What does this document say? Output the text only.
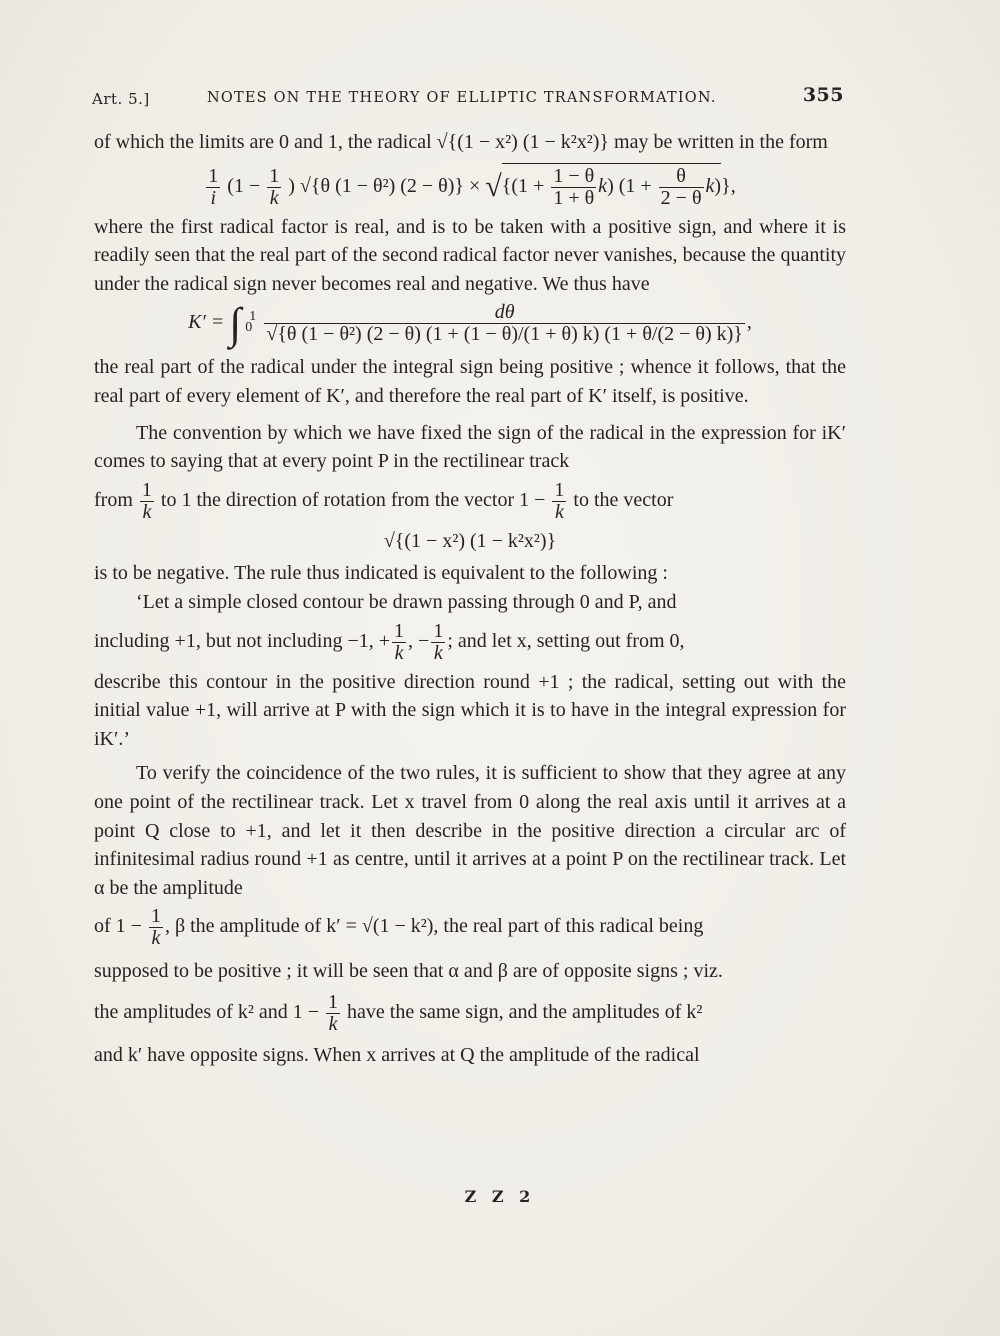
Art. 5.]	NOTES ON THE THEORY OF ELLIPTIC TRANSFORMATION.	355

of which the limits are 0 and 1, the radical √{(1 − x²) (1 − k²x²)} may be written in the form

$\frac{1}{i} (1 - \frac{1}{k}$ ) √{θ (1 − θ²) $(2 - \theta)\} \times √\{(1 + \frac{1 - \theta}{1 + \theta} k)$ $(1 + \frac{\theta}{2 - \theta} k)$},

where the first radical factor is real, and is to be taken with a positive sign, and where it is readily seen that the real part of the second radical factor never vanishes, because the quantity under the radical sign never becomes real and negative. We thus have

K′ = ∫ 1
0

dθ
√{θ (1 − θ²) (2 − θ) (1 + (1 − θ)/(1 + θ) k) (1 + θ/(2 − θ) k)}
,

the real part of the radical under the integral sign being positive ; whence it follows, that the real part of every element of K′, and therefore the real part of K′ itself, is positive.

The convention by which we have fixed the sign of the radical in the expression for iK′ comes to saying that at every point P in the rectilinear track

from $\frac{1}{k}$ to 1 the direction of rotation from the vector $1 - \frac{1}{k}$ to the vector

√{(1 − x²) (1 − k²x²)}

is to be negative. The rule thus indicated is equivalent to the following :

‘Let a simple closed contour be drawn passing through 0 and P, and

including +1, but not including −1, + $\frac{1}{k}$ , − $\frac{1}{k}$ ; and let x, setting out from 0,

describe this contour in the positive direction round +1 ; the radical, setting out with the initial value +1, will arrive at P with the sign which it is to have in the integral expression for iK′.’

To verify the coincidence of the two rules, it is sufficient to show that they agree at any one point of the rectilinear track. Let x travel from 0 along the real axis until it arrives at a point Q close to +1, and let it then describe in the positive direction a circular arc of infinitesimal radius round +1 as centre, until it arrives at a point P on the rectilinear track. Let α be the amplitude

of $1 - \frac{1}{k}$ , β the amplitude of k′ = √(1 − k²), the real part of this radical being

supposed to be positive ; it will be seen that α and β are of opposite signs ; viz.

the amplitudes of k² and $1 - \frac{1}{k}$ have the same sign, and the amplitudes of k²

and k′ have opposite signs. When x arrives at Q the amplitude of the radical

Z Z 2
